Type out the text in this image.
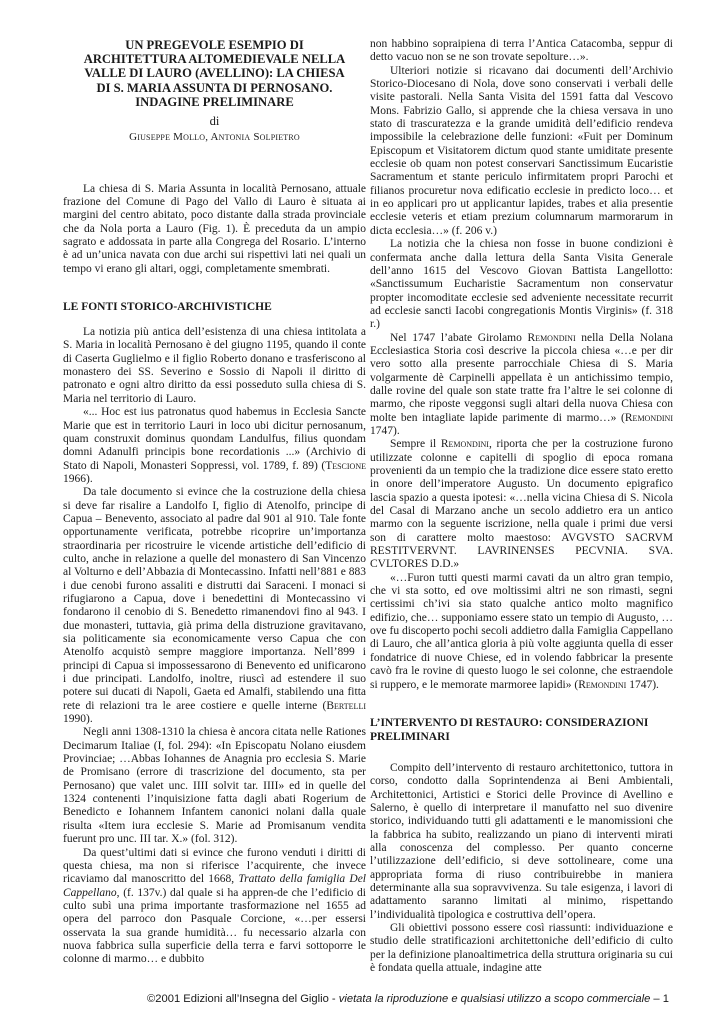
UN PREGEVOLE ESEMPIO DI
ARCHITETTURA ALTOMEDIEVALE NELLA
VALLE DI LAURO (AVELLINO): LA CHIESA
DI S. MARIA ASSUNTA DI PERNOSANO.
INDAGINE PRELIMINARE
di
Giuseppe Mollo, Antonia Solpietro

La chiesa di S. Maria Assunta in località Pernosano, attuale frazione del Comune di Pago del Vallo di Lauro è situata ai margini del centro abitato, poco distante dalla strada provinciale che da Nola porta a Lauro (Fig. 1). È preceduta da un ampio sagrato e addossata in parte alla Congrega del Rosario. L’interno è ad un’unica navata con due archi sui rispettivi lati nei quali un tempo vi erano gli altari, oggi, completamente smembrati.

LE FONTI STORICO-ARCHIVISTICHE

La notizia più antica dell’esistenza di una chiesa intitolata a S. Maria in località Pernosano è del giugno 1195, quando il conte di Caserta Guglielmo e il figlio Roberto donano e trasferiscono al monastero dei SS. Severino e Sossio di Napoli il diritto di patronato e ogni altro diritto da essi posseduto sulla chiesa di S. Maria nel territorio di Lauro.

«... Hoc est ius patronatus quod habemus in Ecclesia Sancte Marie que est in territorio Lauri in loco ubi dicitur pernosanum, quam construxit dominus quondam Landulfus, filius quondam domni Adanulfi principis bone recordationis ...» (Archivio di Stato di Napoli, Monasteri Soppressi, vol. 1789, f. 89) (Tescione 1966).

Da tale documento si evince che la costruzione della chiesa si deve far risalire a Landolfo I, figlio di Atenolfo, principe di Capua – Benevento, associato al padre dal 901 al 910. Tale fonte opportunamente verificata, potrebbe ricoprire un’importanza straordinaria per ricostruire le vicende artistiche dell’edificio di culto, anche in relazione a quelle del monastero di San Vincenzo al Volturno e dell’Abbazia di Montecassino. Infatti nell’881 e 883 i due cenobi furono assaliti e distrutti dai Saraceni. I monaci si rifugiarono a Capua, dove i benedettini di Montecassino vi fondarono il cenobio di S. Benedetto rimanendovi fino al 943. I due monasteri, tuttavia, già prima della distruzione gravitavano, sia politicamente sia economicamente verso Capua che con Atenolfo acquistò sempre maggiore importanza. Nell’899 i principi di Capua si impossessarono di Benevento ed unificarono i due principati. Landolfo, inoltre, riuscì ad estendere il suo potere sui ducati di Napoli, Gaeta ed Amalfi, stabilendo una fitta rete di relazioni tra le aree costiere e quelle interne (Bertelli 1990).

Negli anni 1308-1310 la chiesa è ancora citata nelle Rationes Decimarum Italiae (I, fol. 294): «In Episcopatu Nolano eiusdem Provinciae; …Abbas Iohannes de Anagnia pro ecclesia S. Marie de Promisano (errore di trascrizione del documento, sta per Pernosano) que valet unc. IIII solvit tar. IIII» ed in quelle del 1324 contenenti l’inquisizione fatta dagli abati Rogerium de Benedicto e Iohannem Infantem canonici nolani dalla quale risulta «Item iura ecclesie S. Marie ad Promisanum vendita fuerunt pro unc. III tar. X.» (fol. 312).

Da quest’ultimi dati si evince che furono venduti i diritti di questa chiesa, ma non si riferisce l’acquirente, che invece ricaviamo dal manoscritto del 1668, Trattato della famiglia Del Cappellano, (f. 137v.) dal quale si ha appren-de che l’edificio di culto subì una prima importante trasformazione nel 1655 ad opera del parroco don Pasquale Corcione, «…per essersi osservata la sua grande humidità… fu necessario alzarla con nuova fabbrica sulla superficie della terra e farvi sottoporre le colonne di marmo… e dubbito

non habbino sopraipiena di terra l’Antica Catacomba, seppur di detto vacuo non se ne son trovate sepolture…».

Ulteriori notizie si ricavano dai documenti dell’Archivio Storico-Diocesano di Nola, dove sono conservati i verbali delle visite pastorali. Nella Santa Visita del 1591 fatta dal Vescovo Mons. Fabrizio Gallo, si apprende che la chiesa versava in uno stato di trascuratezza e la grande umidità dell’edificio rendeva impossibile la celebrazione delle funzioni: «Fuit per Dominum Episcopum et Visitatorem dictum quod stante umiditate presente ecclesie ob quam non potest conservari Sanctissimum Eucaristie Sacramentum et stante periculo infirmitatem propri Parochi et filianos procuretur nova edificatio ecclesie in predicto loco… et in eo applicari pro ut applicantur lapides, trabes et alia presentie ecclesie veteris et etiam prezium columnarum marmorarum in dicta ecclesia…» (f. 206 v.)

La notizia che la chiesa non fosse in buone condizioni è confermata anche dalla lettura della Santa Visita Generale dell’anno 1615 del Vescovo Giovan Battista Langellotto: «Sanctissumum Eucharistie Sacramentum non conservatur propter incomoditate ecclesie sed adveniente necessitate recurrit ad ecclesie sancti Iacobi congregationis Montis Virginis» (f. 318 r.)

Nel 1747 l’abate Girolamo Remondini nella Della Nolana Ecclesiastica Storia così descrive la piccola chiesa «…e per dir vero sotto alla presente parrocchiale Chiesa di S. Maria volgarmente dè Carpinelli appellata è un antichissimo tempio, dalle rovine del quale son state tratte fra l’altre le sei colonne di marmo, che riposte veggonsi sugli altari della nuova Chiesa con molte ben intagliate lapide parimente di marmo…» (Remondini 1747).

Sempre il Remondini, riporta che per la costruzione furono utilizzate colonne e capitelli di spoglio di epoca romana provenienti da un tempio che la tradizione dice essere stato eretto in onore dell’imperatore Augusto. Un documento epigrafico lascia spazio a questa ipotesi: «…nella vicina Chiesa di S. Nicola del Casal di Marzano anche un secolo addietro era un antico marmo con la seguente iscrizione, nella quale i primi due versi son di carattere molto maestoso: AVGVSTO SACRVM RESTITVERVNT. LAVRINENSES PECVNIA. SVA. CVLTORES D.D.»

«…Furon tutti questi marmi cavati da un altro gran tempio, che vi sta sotto, ed ove moltissimi altri ne son rimasti, segni certissimi ch’ivi sia stato qualche antico molto magnifico edifizio, che… supponiamo essere stato un tempio di Augusto, …ove fu discoperto pochi secoli addietro dalla Famiglia Cappellano di Lauro, che all’antica gloria à più volte aggiunta quella di esser fondatrice di nuove Chiese, ed in volendo fabbricar la presente cavò fra le rovine di questo luogo le sei colonne, che estraendole si ruppero, e le memorate marmoree lapidi» (Remondini 1747).

L’INTERVENTO DI RESTAURO: CONSIDERAZIONI PRELIMINARI

Compito dell’intervento di restauro architettonico, tuttora in corso, condotto dalla Soprintendenza ai Beni Ambientali, Architettonici, Artistici e Storici delle Province di Avellino e Salerno, è quello di interpretare il manufatto nel suo divenire storico, individuando tutti gli adattamenti e le manomissioni che la fabbrica ha subito, realizzando un piano di interventi mirati alla conoscenza del complesso. Per quanto concerne l’utilizzazione dell’edificio, si deve sottolineare, come una appropriata forma di riuso contribuirebbe in maniera determinante alla sua sopravvivenza. Su tale esigenza, i lavori di adattamento saranno limitati al minimo, rispettando l’individualità tipologica e costruttiva dell’opera.

Gli obiettivi possono essere così riassunti: individuazione e studio delle stratificazioni architettoniche dell’edificio di culto per la definizione planoaltimetrica della struttura originaria su cui è fondata quella attuale, indagine atte

©2001 Edizioni all’Insegna del Giglio - vietata la riproduzione e qualsiasi utilizzo a scopo commerciale – 1
